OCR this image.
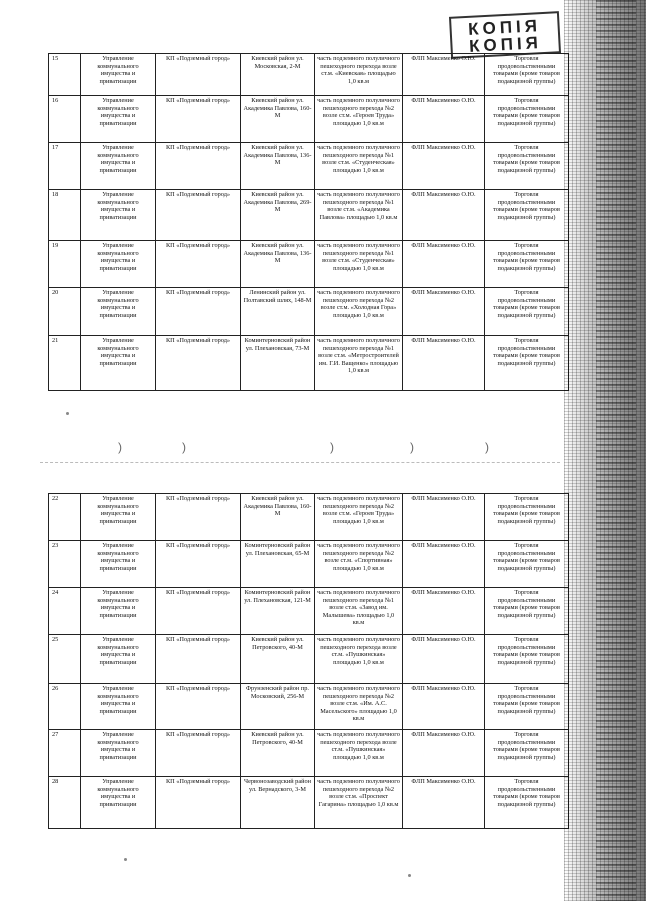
КОПІЯ
КОПІЯ
15	Управление коммунального имущества и приватизации	КП «Подземный город»	Киевский район ул. Московская, 2-М	часть подземного полуличного пешеходного перехода возле ст.м. «Киевская» площадью 1,0 кв.м	ФЛП Максименко О.Ю.	Торговля продовольственными товарами (кроме товаров подакцизной группы)
16	Управление коммунального имущества и приватизации	КП «Подземный город»	Киевский район ул. Академика Павлова, 160-М	часть подземного полуличного пешеходного перехода №2 возле ст.м. «Героев Труда» площадью 1,0 кв.м	ФЛП Максименко О.Ю.	Торговля продовольственными товарами (кроме товаров подакцизной группы)
17	Управление коммунального имущества и приватизации	КП «Подземный город»	Киевский район ул. Академика Павлова, 136-М	часть подземного полуличного пешеходного перехода №1 возле ст.м. «Студенческая» площадью 1,0 кв.м	ФЛП Максименко О.Ю.	Торговля продовольственными товарами (кроме товаров подакцизной группы)
18	Управление коммунального имущества и приватизации	КП «Подземный город»	Киевский район ул. Академика Павлова, 269-М	часть подземного полуличного пешеходного перехода №1 возле ст.м. «Академика Павлова» площадью 1,0 кв.м	ФЛП Максименко О.Ю.	Торговля продовольственными товарами (кроме товаров подакцизной группы)
19	Управление коммунального имущества и приватизации	КП «Подземный город»	Киевский район ул. Академика Павлова, 136-М	часть подземного полуличного пешеходного перехода №1 возле ст.м. «Студенческая» площадью 1,0 кв.м	ФЛП Максименко О.Ю.	Торговля продовольственными товарами (кроме товаров подакцизной группы)
20	Управление коммунального имущества и приватизации	КП «Подземный город»	Ленинский район ул. Полтавский шлях, 148-М	часть подземного полуличного пешеходного перехода №2 возле ст.м. «Холодная Гора» площадью 1,0 кв.м	ФЛП Максименко О.Ю.	Торговля продовольственными товарами (кроме товаров подакцизной группы)
21	Управление коммунального имущества и приватизации	КП «Подземный город»	Коминтерновский район ул. Плехановская, 73-М	часть подземного полуличного пешеходного перехода №1 возле ст.м. «Метростроителей им. Г.И. Ващенко» площадью 1,0 кв.м	ФЛП Максименко О.Ю.	Торговля продовольственными товарами (кроме товаров подакцизной группы)
)	)	)	)	)
22	Управление коммунального имущества и приватизации	КП «Подземный город»	Киевский район ул. Академика Павлова, 160-М	часть подземного полуличного пешеходного перехода №2 возле ст.м. «Героев Труда» площадью 1,0 кв.м	ФЛП Максименко О.Ю.	Торговля продовольственными товарами (кроме товаров подакцизной группы)
23	Управление коммунального имущества и приватизации	КП «Подземный город»	Коминтерновский район ул. Плехановская, 65-М	часть подземного полуличного пешеходного перехода №2 возле ст.м. «Спортивная» площадью 1,0 кв.м	ФЛП Максименко О.Ю.	Торговля продовольственными товарами (кроме товаров подакцизной группы)
24	Управление коммунального имущества и приватизации	КП «Подземный город»	Коминтерновский район ул. Плехановская, 121-М	часть подземного полуличного пешеходного перехода №1 возле ст.м. «Завод им. Малышева» площадью 1,0 кв.м	ФЛП Максименко О.Ю.	Торговля продовольственными товарами (кроме товаров подакцизной группы)
25	Управление коммунального имущества и приватизации	КП «Подземный город»	Киевский район ул. Петровского, 40-М	часть подземного полуличного пешеходного перехода возле ст.м. «Пушкинская» площадью 1,0 кв.м	ФЛП Максименко О.Ю.	Торговля продовольственными товарами (кроме товаров подакцизной группы)
26	Управление коммунального имущества и приватизации	КП «Подземный город»	Фрунзенский район пр. Московский, 256-М	часть подземного полуличного пешеходного перехода №2 возле ст.м. «Им. А.С. Масельского» площадью 1,0 кв.м	ФЛП Максименко О.Ю.	Торговля продовольственными товарами (кроме товаров подакцизной группы)
27	Управление коммунального имущества и приватизации	КП «Подземный город»	Киевский район ул. Петровского, 40-М	часть подземного полуличного пешеходного перехода возле ст.м. «Пушкинская» площадью 1,0 кв.м	ФЛП Максименко О.Ю.	Торговля продовольственными товарами (кроме товаров подакцизной группы)
28	Управление коммунального имущества и приватизации	КП «Подземный город»	Червонозаводский район ул. Вернадского, 3-М	часть подземного полуличного пешеходного перехода №2 возле ст.м. «Проспект Гагарина» площадью 1,0 кв.м	ФЛП Максименко О.Ю.	Торговля продовольственными товарами (кроме товаров подакцизной группы)
